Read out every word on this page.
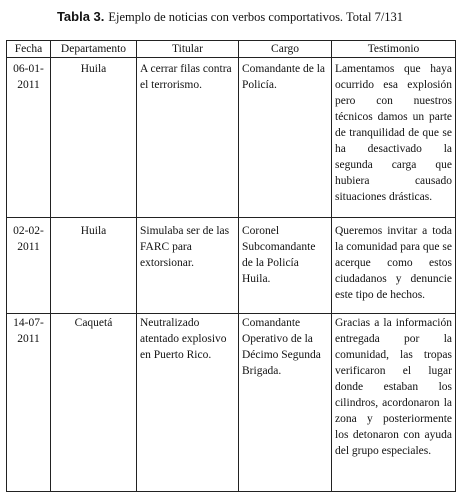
Tabla 3. Ejemplo de noticias con verbos comportativos. Total 7/131
Fecha	Departamento	Titular	Cargo	Testimonio
06-01-2011	Huila	A cerrar filas contra el terrorismo.	Comandante de la Policía.	Lamentamos que haya ocurrido esa explosión pero con nuestros técnicos damos un parte de tranquilidad de que se ha desactivado la segunda carga que hubiera causado situaciones drásticas.
02-02-2011	Huila	Simulaba ser de las FARC para extorsionar.	Coronel Subcomandante de la Policía Huila.	Queremos invitar a toda la comunidad para que se acerque como estos ciudadanos y denuncie este tipo de hechos.
14-07-2011	Caquetá	Neutralizado atentado explosivo en Puerto Rico.	Comandante Operativo de la Décimo Segunda Brigada.	Gracias a la información entregada por la comunidad, las tropas verificaron el lugar donde estaban los cilindros, acordonaron la zona y posteriormente los detonaron con ayuda del grupo especiales.
